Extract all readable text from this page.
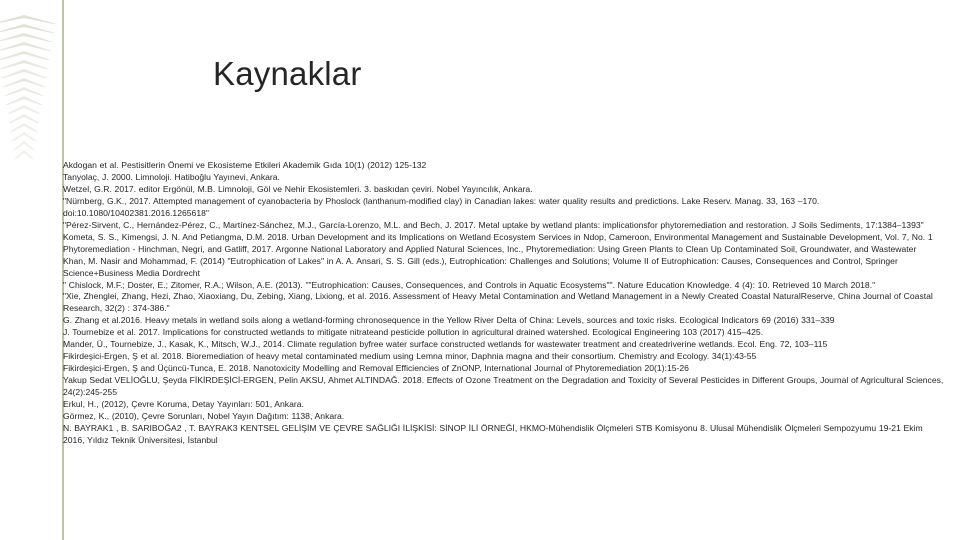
Kaynaklar
Akdogan et al. Pestisitlerin Önemi ve Ekosisteme Etkileri Akademik Gıda 10(1) (2012) 125-132
Tanyolaç, J. 2000. Limnoloji. Hatiboğlu Yayınevi, Ankara.
Wetzel, G.R. 2017. editor Ergönül, M.B. Limnoloji, Göl ve Nehir Ekosistemleri. 3. baskıdan çeviri. Nobel Yayıncılık, Ankara.
"Nürnberg, G.K., 2017. Attempted management of cyanobacteria by Phoslock (lanthanum-modified clay) in Canadian lakes: water quality results and predictions. Lake Reserv. Manag. 33, 163 –170. doi:10.1080/10402381.2016.1265618"
"Pérez-Sirvent, C., Hernández-Pérez, C., Martínez-Sánchez, M.J., García-Lorenzo, M.L. and Bech, J. 2017. Metal uptake by wetland plants: implicationsfor phytoremediation and restoration. J Soils Sediments, 17:1384–1393"
Kometa, S. S., Kimengsi, J. N. And Petiangma, D.M. 2018. Urban Development and its Implications on Wetland Ecosystem Services in Ndop, Cameroon, Environmental Management and Sustainable Development, Vol. 7, No. 1
Phytoremediation - Hinchman, Negri, and Gatliff, 2017. Argonne National Laboratory and Applied Natural Sciences, Inc., Phytoremediation: Using Green Plants to Clean Up Contaminated Soil, Groundwater, and Wastewater
Khan, M. Nasir and Mohammad, F. (2014) "Eutrophication of Lakes" in A. A. Ansari, S. S. Gill (eds.), Eutrophication: Challenges and Solutions; Volume II of Eutrophication: Causes, Consequences and Control, Springer Science+Business Media Dordrecht
" Chislock, M.F.; Doster, E.; Zitomer, R.A.; Wilson, A.E. (2013). ""Eutrophication: Causes, Consequences, and Controls in Aquatic Ecosystems"". Nature Education Knowledge. 4 (4): 10. Retrieved 10 March 2018."
"Xie, Zhenglei, Zhang, Hezi, Zhao, Xiaoxiang, Du, Zebing, Xiang, Lixiong, et al. 2016. Assessment of Heavy Metal Contamination and Wetland Management in a Newly Created Coastal NaturalReserve, China Journal of Coastal Research, 32(2) : 374-386."
G. Zhang et al.2016. Heavy metals in wetland soils along a wetland-forming chronosequence in the Yellow River Delta of China: Levels, sources and toxic risks. Ecological Indicators 69 (2016) 331–339
J. Tournebize et al. 2017. Implications for constructed wetlands to mitigate nitrateand pesticide pollution in agricultural drained watershed. Ecological Engineering 103 (2017) 415–425.
Mander, Ü., Tournebize, J., Kasak, K., Mitsch, W.J., 2014. Climate regulation byfree water surface constructed wetlands for wastewater treatment and createdriverine wetlands. Ecol. Eng. 72, 103–115
Fikirdeşici-Ergen, Ş et al. 2018. Bioremediation of heavy metal contaminated medium using Lemna minor, Daphnia magna and their consortium. Chemistry and Ecology. 34(1):43-55
Fikirdeşici-Ergen, Ş and Üçüncü-Tunca, E. 2018. Nanotoxicity Modelling and Removal Efficiencies of ZnONP, International Journal of Phytoremediation 20(1):15-26
Yakup Sedat VELİOĞLU, Şeyda FİKİRDEŞİCİ-ERGEN, Pelin AKSU, Ahmet ALTINDAĞ. 2018. Effects of Ozone Treatment on the Degradation and Toxicity of Several Pesticides in Different Groups, Journal of Agricultural Sciences, 24(2):245-255
Erkul, H., (2012), Çevre Koruma, Detay Yayınları: 501, Ankara.
Görmez, K., (2010), Çevre Sorunları, Nobel Yayın Dağıtım: 1138, Ankara.
N. BAYRAK1 , B. SARIBOĞA2 , T. BAYRAK3 KENTSEL GELİŞİM VE ÇEVRE SAĞLIĞI İLİŞKİSİ: SİNOP İLİ ÖRNEĞİ, HKMO-Mühendislik Ölçmeleri STB Komisyonu 8. Ulusal Mühendislik Ölçmeleri Sempozyumu 19-21 Ekim 2016, Yıldız Teknik Üniversitesi, İstanbul
